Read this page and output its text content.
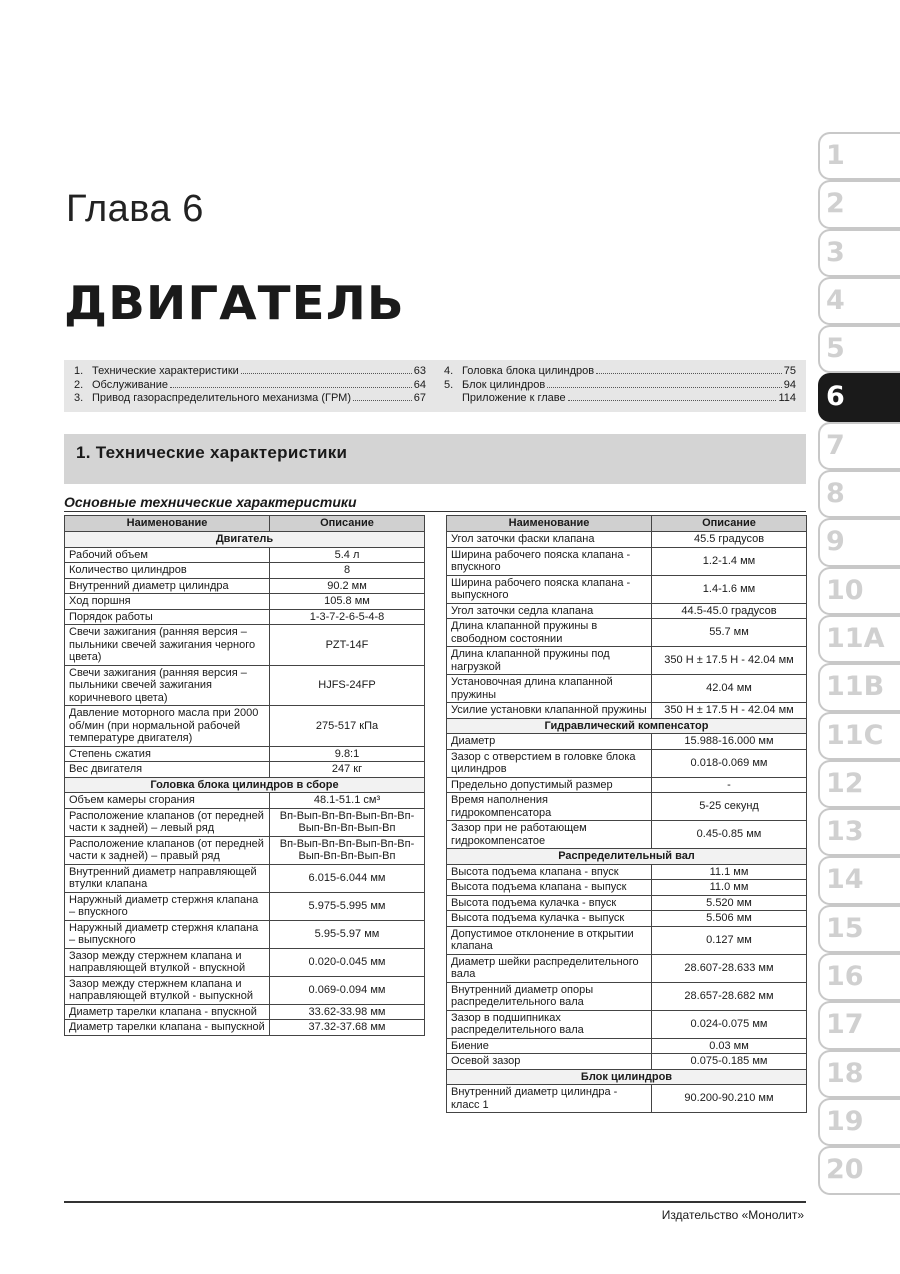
Глава 6
ДВИГАТЕЛЬ
1. Технические характеристики	63
2. Обслуживание	64
3. Привод газораспределительного механизма (ГРМ)	67
4. Головка блока цилиндров	75
5. Блок цилиндров	94
Приложение к главе	114
1. Технические характеристики
Основные технические характеристики
Наименование	Описание
Двигатель	
Рабочий объем	5.4 л
Количество цилиндров	8
Внутренний диаметр цилиндра	90.2 мм
Ход поршня	105.8 мм
Порядок работы	1-3-7-2-6-5-4-8
Свечи зажигания (ранняя версия – пыльники свечей зажигания черного цвета)	PZT-14F
Свечи зажигания (ранняя версия – пыльники свечей зажигания коричневого цвета)	HJFS-24FP
Давление моторного масла при 2000 об/мин (при нормальной рабочей температуре двигателя)	275-517 кПа
Степень сжатия	9.8:1
Вес двигателя	247 кг
Головка блока цилиндров в сборе	
Объем камеры сгорания	48.1-51.1 см³
Расположение клапанов (от передней части к задней) – левый ряд	Вп-Вып-Вп-Вп-Вып-Вп-Вп-Вып-Вп-Вп-Вып-Вп
Расположение клапанов (от передней части к задней) – правый ряд	Вп-Вып-Вп-Вп-Вып-Вп-Вп-Вып-Вп-Вп-Вып-Вп
Внутренний диаметр направляющей втулки клапана	6.015-6.044 мм
Наружный диаметр стержня клапана – впускного	5.975-5.995 мм
Наружный диаметр стержня клапана – выпускного	5.95-5.97 мм
Зазор между стержнем клапана и направляющей втулкой - впускной	0.020-0.045 мм
Зазор между стержнем клапана и направляющей втулкой - выпускной	0.069-0.094 мм
Диаметр тарелки клапана - впускной	33.62-33.98 мм
Диаметр тарелки клапана - выпускной	37.32-37.68 мм
Наименование	Описание
Угол заточки фаски клапана	45.5 градусов
Ширина рабочего пояска клапана - впускного	1.2-1.4 мм
Ширина рабочего пояска клапана - выпускного	1.4-1.6 мм
Угол заточки седла клапана	44.5-45.0 градусов
Длина клапанной пружины в свободном состоянии	55.7 мм
Длина клапанной пружины под нагрузкой	350 Н ± 17.5 Н - 42.04 мм
Установочная длина клапанной пружины	42.04 мм
Усилие установки клапанной пружины	350 Н ± 17.5 Н - 42.04 мм
Гидравлический компенсатор	
Диаметр	15.988-16.000 мм
Зазор с отверстием в головке блока цилиндров	0.018-0.069 мм
Предельно допустимый размер	-
Время наполнения гидрокомпенсатора	5-25 секунд
Зазор при не работающем гидрокомпенсатое	0.45-0.85 мм
Распределительный вал	
Высота подъема клапана - впуск	11.1 мм
Высота подъема клапана - выпуск	11.0 мм
Высота подъема кулачка - впуск	5.520 мм
Высота подъема кулачка - выпуск	5.506 мм
Допустимое отклонение в открытии клапана	0.127 мм
Диаметр шейки распределительного вала	28.607-28.633 мм
Внутренний диаметр опоры распределительного вала	28.657-28.682 мм
Зазор в подшипниках распределительного вала	0.024-0.075 мм
Биение	0.03 мм
Осевой зазор	0.075-0.185 мм
Блок цилиндров	
Внутренний диаметр цилиндра - класс 1	90.200-90.210 мм
Издательство «Монолит»
1
2
3
4
5
6
7
8
9
10
11A
11B
11C
12
13
14
15
16
17
18
19
20
